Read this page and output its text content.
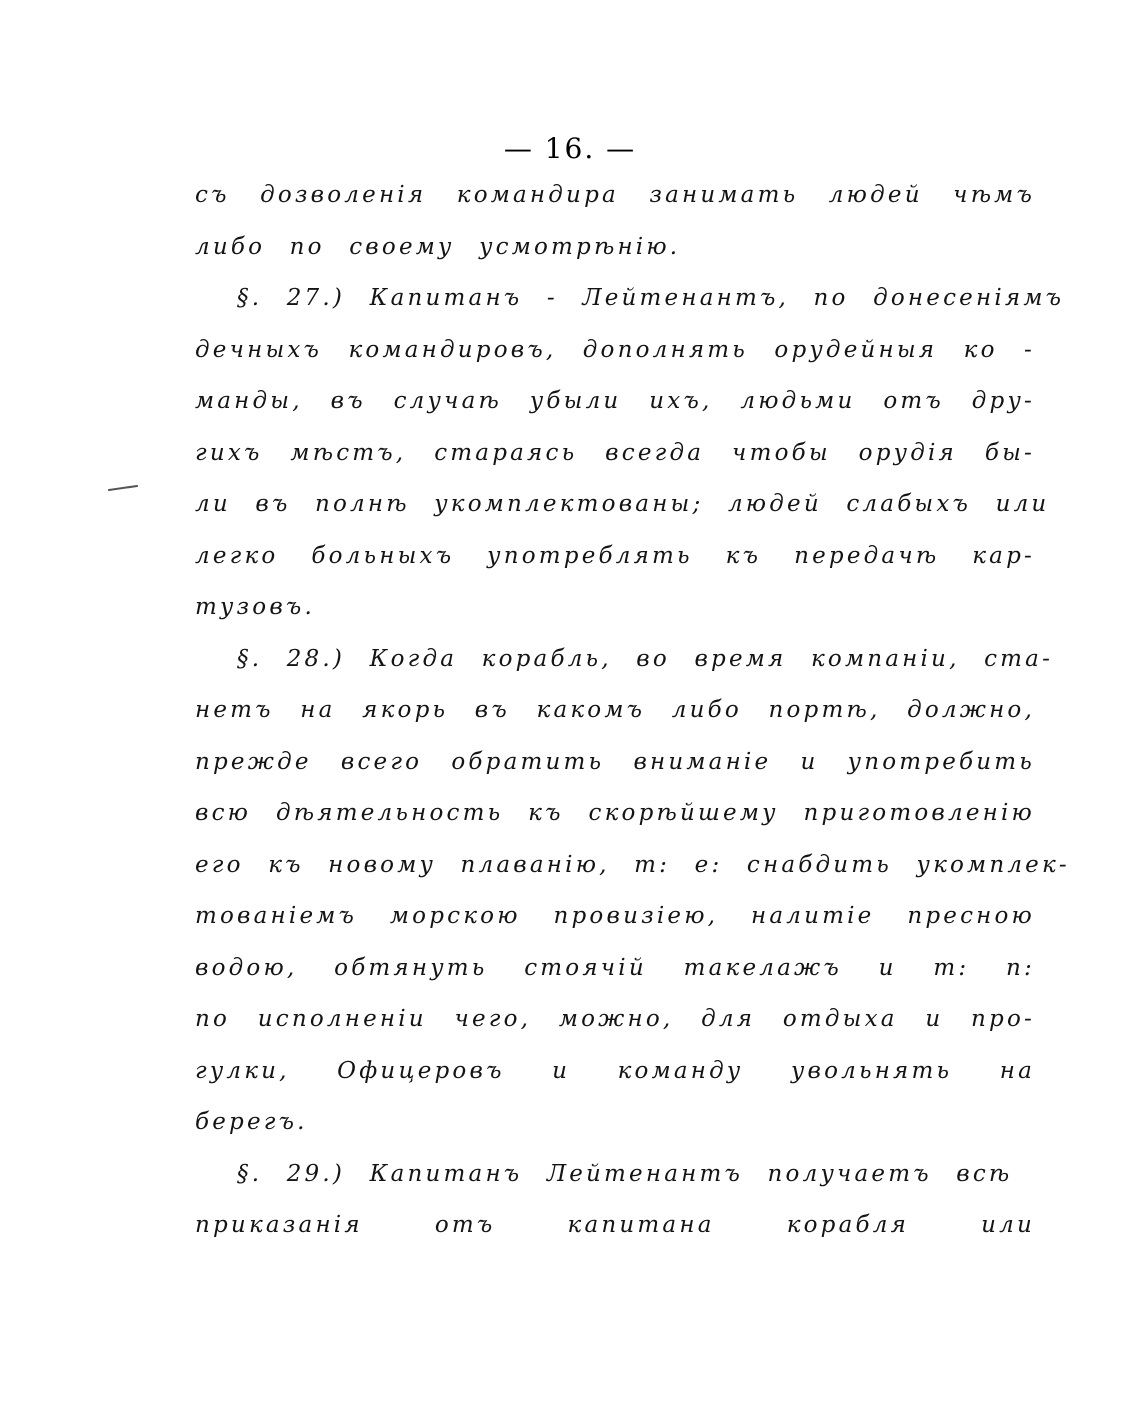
— 16. —
съ дозволенія командира занимать людей чѣмъ
либо по своему усмотрѣнію.
§. 27.) Капитанъ - Лейтенантъ, по донесеніямъ
дечныхъ командировъ, дополнять орудейныя ко -
манды, въ случаѣ убыли ихъ, людьми отъ дру-
гихъ мѣстъ, стараясь всегда чтобы орудія бы-
ли въ полнѣ укомплектованы; людей слабыхъ или
легко больныхъ употреблять къ передачѣ кар-
тузовъ.
§. 28.) Когда корабль, во время компаніи, ста-
нетъ на якорь въ какомъ либо портѣ, должно,
прежде всего обратить вниманіе и употребить
всю дѣятельность къ скорѣйшему приготовленію
его къ новому плаванію, т: е: снабдить укомплек-
тованіемъ морскою провизіею, налитіе пресною
водою, обтянуть стоячій такелажъ и т: п:
по исполненіи чего, можно, для отдыха и про-
гулки, Офицеровъ и команду увольнять на
берегъ.
§. 29.) Капитанъ Лейтенантъ получаетъ всѣ
приказанія отъ капитана корабля или
